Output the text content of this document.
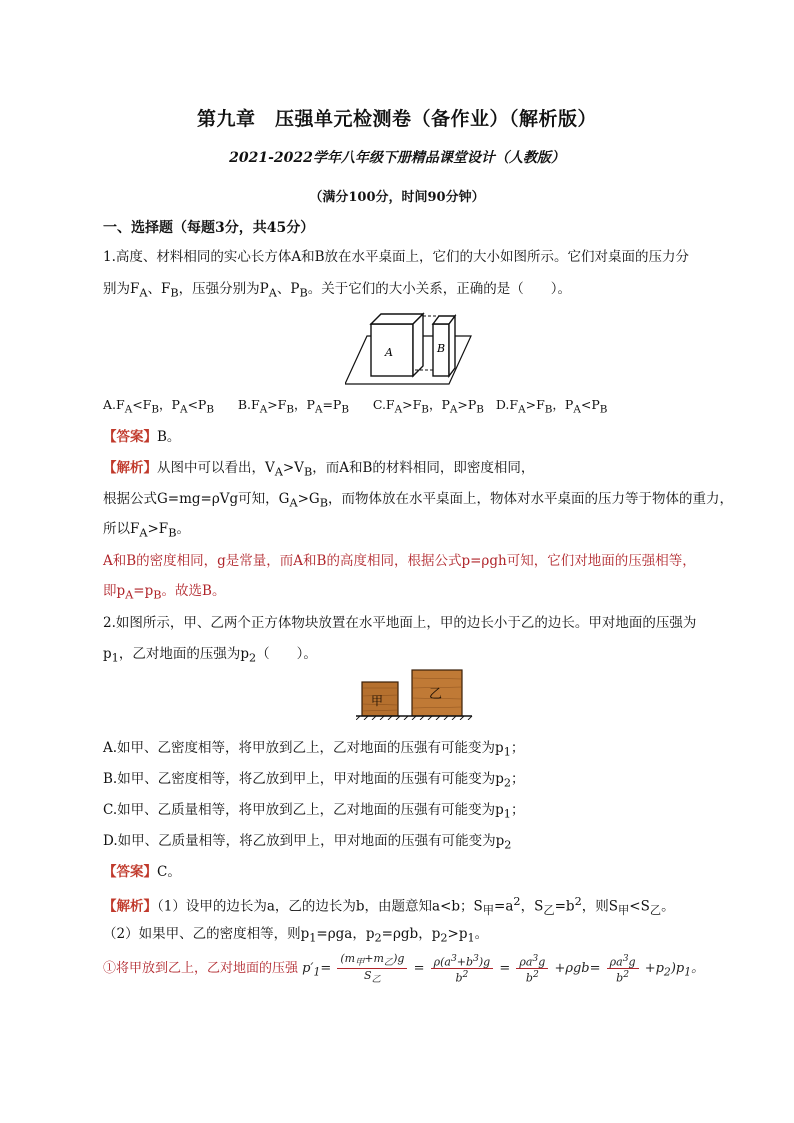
第九章　压强单元检测卷（备作业）（解析版）
2021-2022学年八年级下册精品课堂设计（人教版）
（满分100分，时间90分钟）
一、选择题（每题3分，共45分）
1.高度、材料相同的实心长方体A和B放在水平桌面上，它们的大小如图所示。它们对桌面的压力分
别为$F_A$、$F_B$，压强分别为$P_A$、$P_B$。关于它们的大小关系，正确的是（　　）。
A	B
$A.F_A<F_B$，$P_A<P_B$ $B.F_A>F_B$，$P_A=P_B$ $C.F_A>F_B$，$P_A>P_B$ $D.F_A>F_B$，$P_A<P_B$
【答案】B。
【解析】从图中可以看出，$V_A>V_B$，而A和B的材料相同，即密度相同，
根据公式G=mg=ρVg可知，$G_A>G_B$，而物体放在水平桌面上，物体对水平桌面的压力等于物体的重力，
所以$F_A>F_B$。
A和B的密度相同，g是常量，而A和B的高度相同，根据公式p=ρgh可知，它们对地面的压强相等，
即$p_A=p_B$。故选B。
2.如图所示，甲、乙两个正方体物块放置在水平地面上，甲的边长小于乙的边长。甲对地面的压强为
$p_1$，乙对地面的压强为$p_2$（　　）。
甲	乙
A.如甲、乙密度相等，将甲放到乙上，乙对地面的压强有可能变为$p_1$；
B.如甲、乙密度相等，将乙放到甲上，甲对地面的压强有可能变为$p_2$；
C.如甲、乙质量相等，将甲放到乙上，乙对地面的压强有可能变为$p_1$；
D.如甲、乙质量相等，将乙放到甲上，甲对地面的压强有可能变为$p_2$
【答案】C。
【解析】（1）设甲的边长为a，乙的边长为b，由题意知a<b；$S_甲=a^2$，$S_乙=b^2$，则$S_甲<S_乙$。
（2）如果甲、乙的密度相等，则$p_1=\rho ga$，$p_2=\rho gb$，$p_2>p_1$。
①将甲放到乙上，乙对地面的压强 $p'_1= \frac{(m_甲+m_乙)g}{S_乙} = \frac{\rho(a^3+b^3)g}{b^2} = \frac{\rho a^3g}{b^2} +\rho gb= \frac{\rho a^3g}{b^2} +p_2)p_1$。
